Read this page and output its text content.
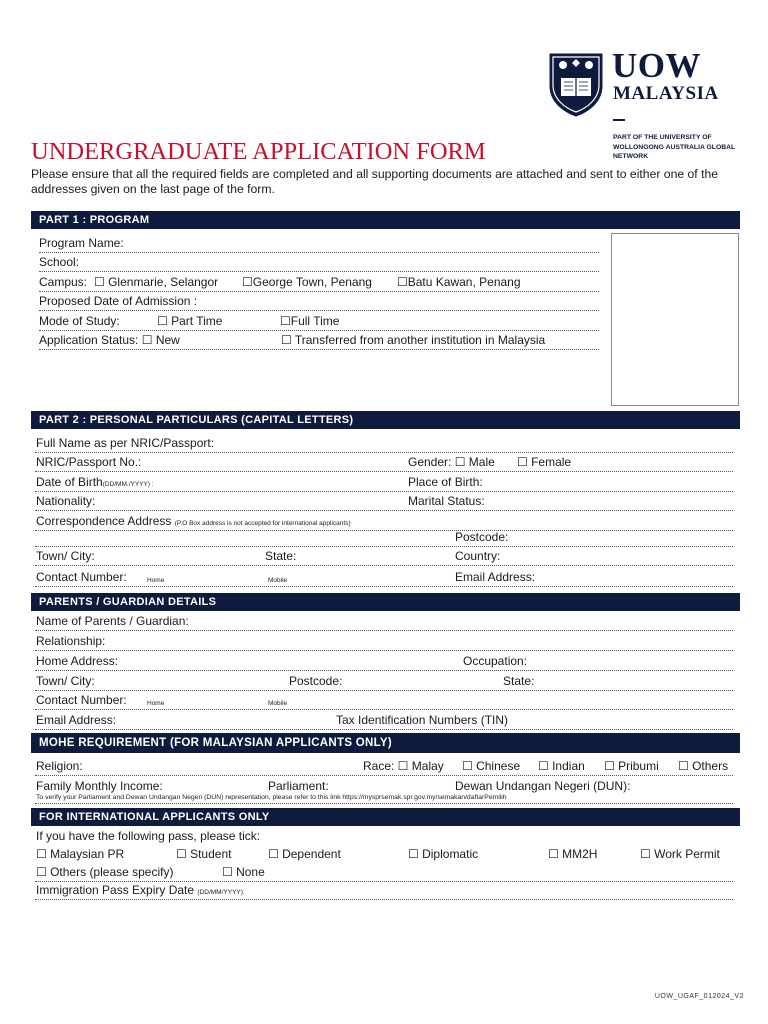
UOW
MALAYSIA
PART OF THE UNIVERSITY OF WOLLONGONG AUSTRALIA GLOBAL NETWORK
UNDERGRADUATE APPLICATION FORM
Please ensure that all the required fields are completed and all supporting documents are attached and sent to either one of the addresses given on the last page of the form.
PART 1 : PROGRAM
Program Name:
School:
Campus: ☐ Glenmarie, Selangor ☐George Town, Penang ☐Batu Kawan, Penang
Proposed Date of Admission :
Mode of Study:	☐ Part Time	☐Full Time
Application Status: ☐ New	☐ Transferred from another institution in Malaysia
PART 2 : PERSONAL PARTICULARS (CAPITAL LETTERS)
Full Name as per NRIC/Passport:
NRIC/Passport No.:	Gender: ☐ Male ☐ Female
Date of Birth(DD/MM./YYYY) :	Place of Birth:
Nationality:	Marital Status:
Correspondence Address (P.O Box address is not accepted for international applicants)
Postcode:
Town/ City:	State:	Country:
Contact Number:	Home	Mobile	Email Address:
PARENTS / GUARDIAN DETAILS
Name of Parents / Guardian:
Relationship:
Home Address:	Occupation:
Town/ City:	Postcode:	State:
Contact Number:	Home	Mobile
Email Address:	Tax Identification Numbers (TIN)
MOHE REQUIREMENT (FOR MALAYSIAN APPLICANTS ONLY)
Religion:	Race: ☐ Malay ☐ Chinese ☐ Indian ☐ Pribumi ☐ Others
Family Monthly Income:	Parliament:	Dewan Undangan Negeri (DUN):
To verify your Parliament and Dewan Undangan Negeri (DUN) representation, please refer to this link https://mysprsemak.spr.gov.my/semakan/daftarPemilih
FOR INTERNATIONAL APPLICANTS ONLY
If you have the following pass, please tick:
☐ Malaysian PR	☐ Student	☐ Dependent	☐ Diplomatic	☐ MM2H	☐ Work Permit
☐ Others (please specify)	☐ None
Immigration Pass Expiry Date (DD/MM/YYYY):
UOW_UGAF_012024_V2
